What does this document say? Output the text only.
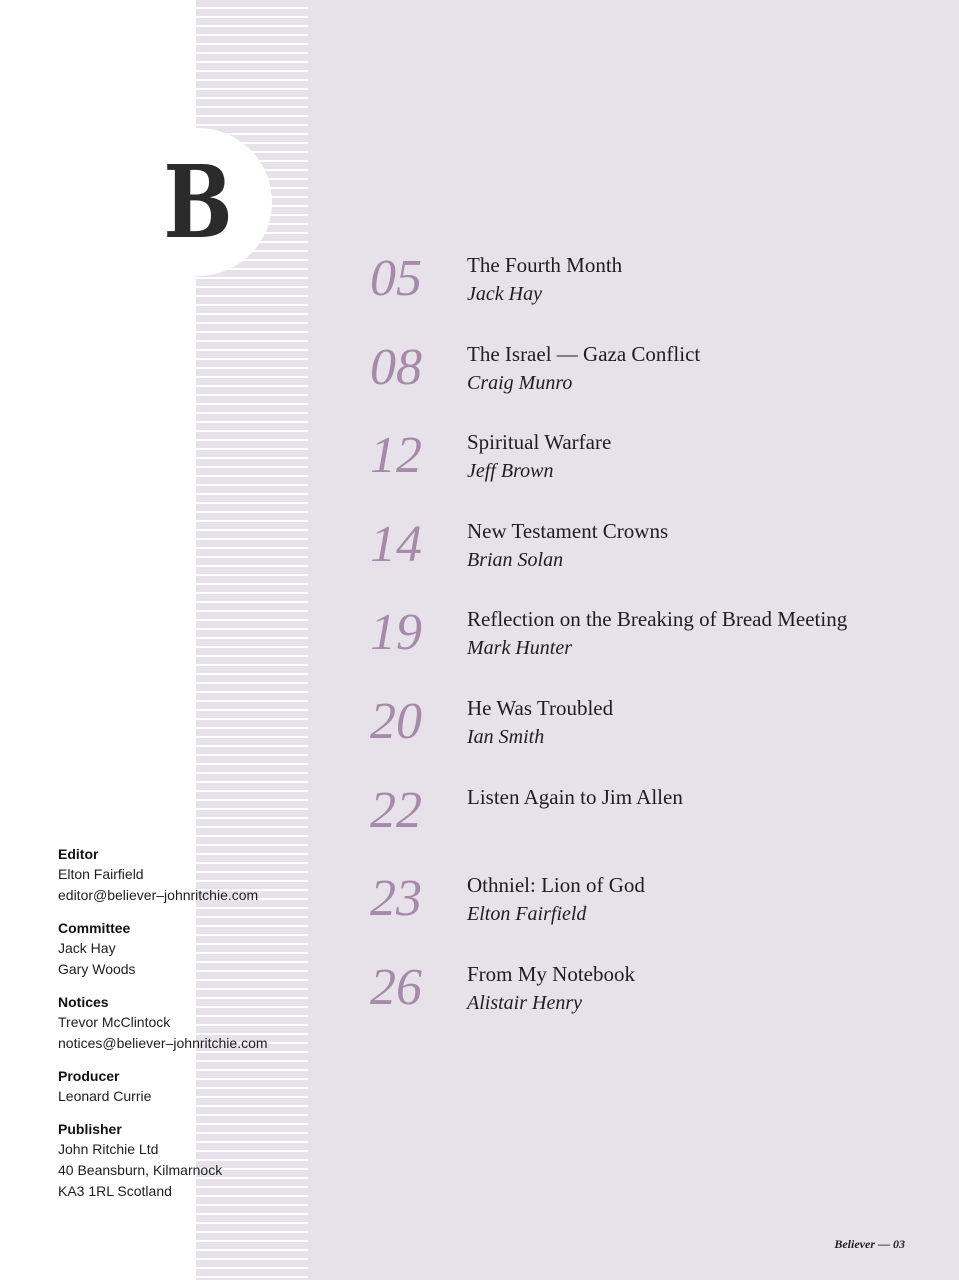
B
05 The Fourth Month
Jack Hay
08 The Israel — Gaza Conflict
Craig Munro
12 Spiritual Warfare
Jeff Brown
14 New Testament Crowns
Brian Solan
19 Reflection on the Breaking of Bread Meeting
Mark Hunter
20 He Was Troubled
Ian Smith
22 Listen Again to Jim Allen
23 Othniel: Lion of God
Elton Fairfield
26 From My Notebook
Alistair Henry
Editor
Elton Fairfield
editor@believer–johnritchie.com
Committee
Jack Hay
Gary Woods
Notices
Trevor McClintock
notices@believer–johnritchie.com
Producer
Leonard Currie
Publisher
John Ritchie Ltd
40 Beansburn, Kilmarnock
KA3 1RL Scotland
Believer — 03
